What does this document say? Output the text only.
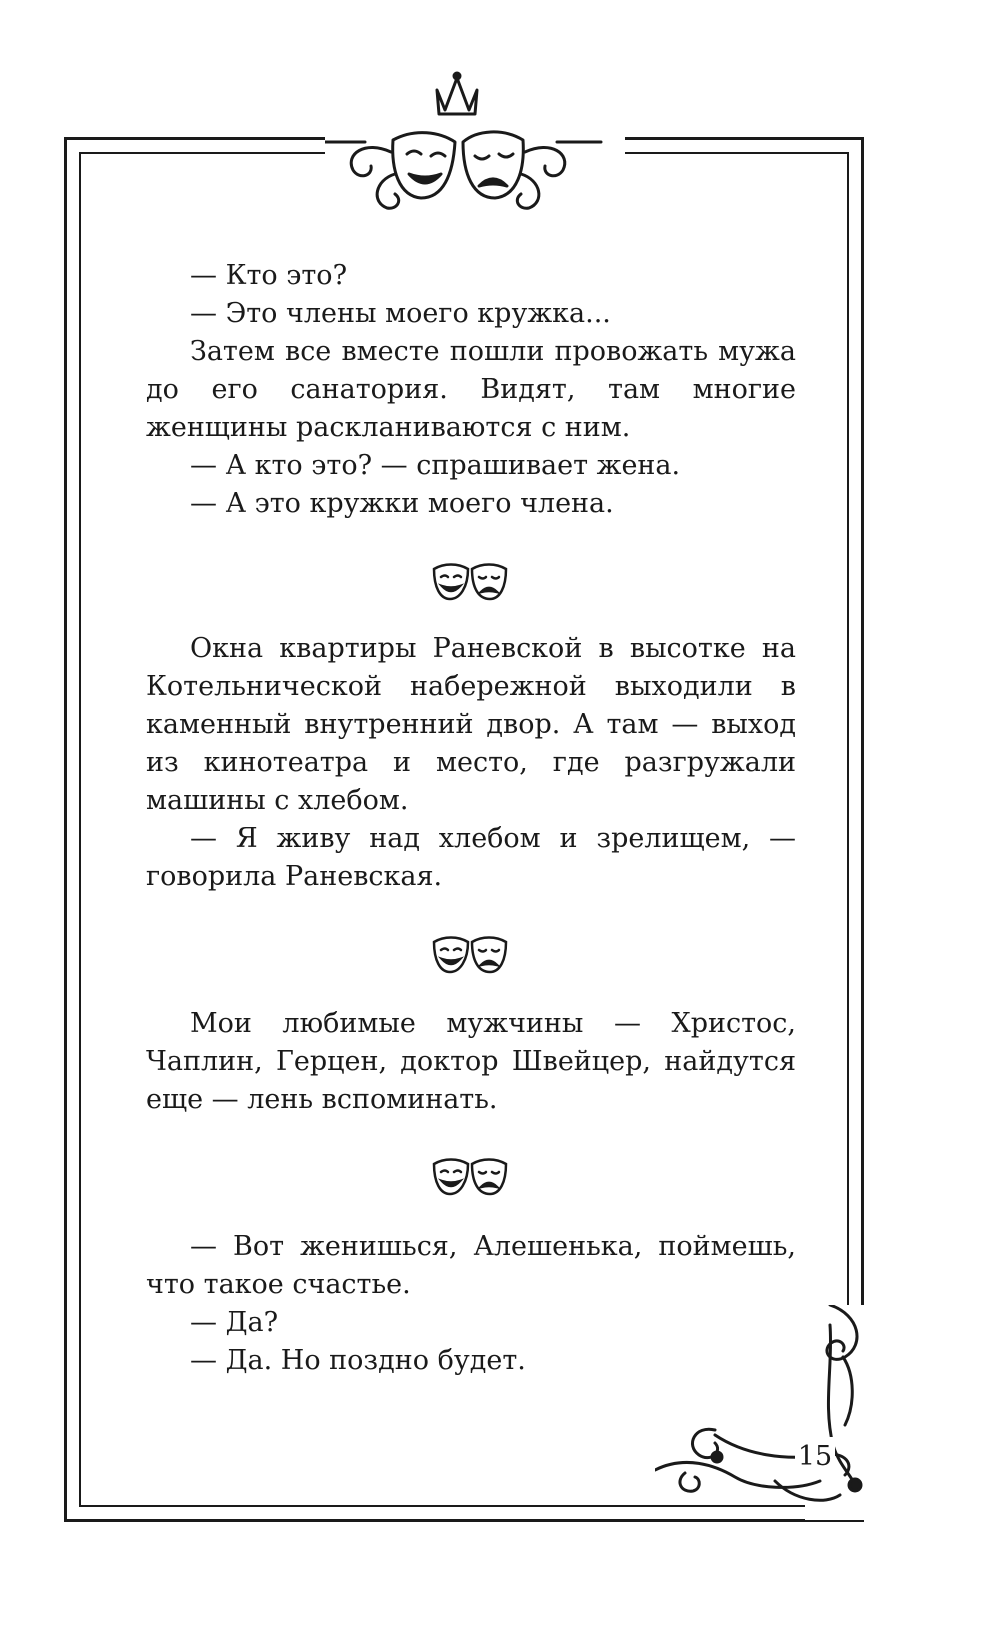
— Кто это?

— Это члены моего кружка...

Затем все вместе пошли провожать мужа до его санатория. Видят, там многие женщины раскланиваются с ним.

— А кто это? — спрашивает жена.

— А это кружки моего члена.

Окна квартиры Раневской в высотке на Котельнической набережной выходили в каменный внутренний двор. А там — выход из кинотеатра и место, где разгружали машины с хлебом.

— Я живу над хлебом и зрелищем, — говорила Раневская.

Мои любимые мужчины — Христос, Чаплин, Герцен, доктор Швейцер, найдутся еще — лень вспоминать.

— Вот женишься, Алешенька, поймешь, что такое счастье.

— Да?

— Да. Но поздно будет.

15
